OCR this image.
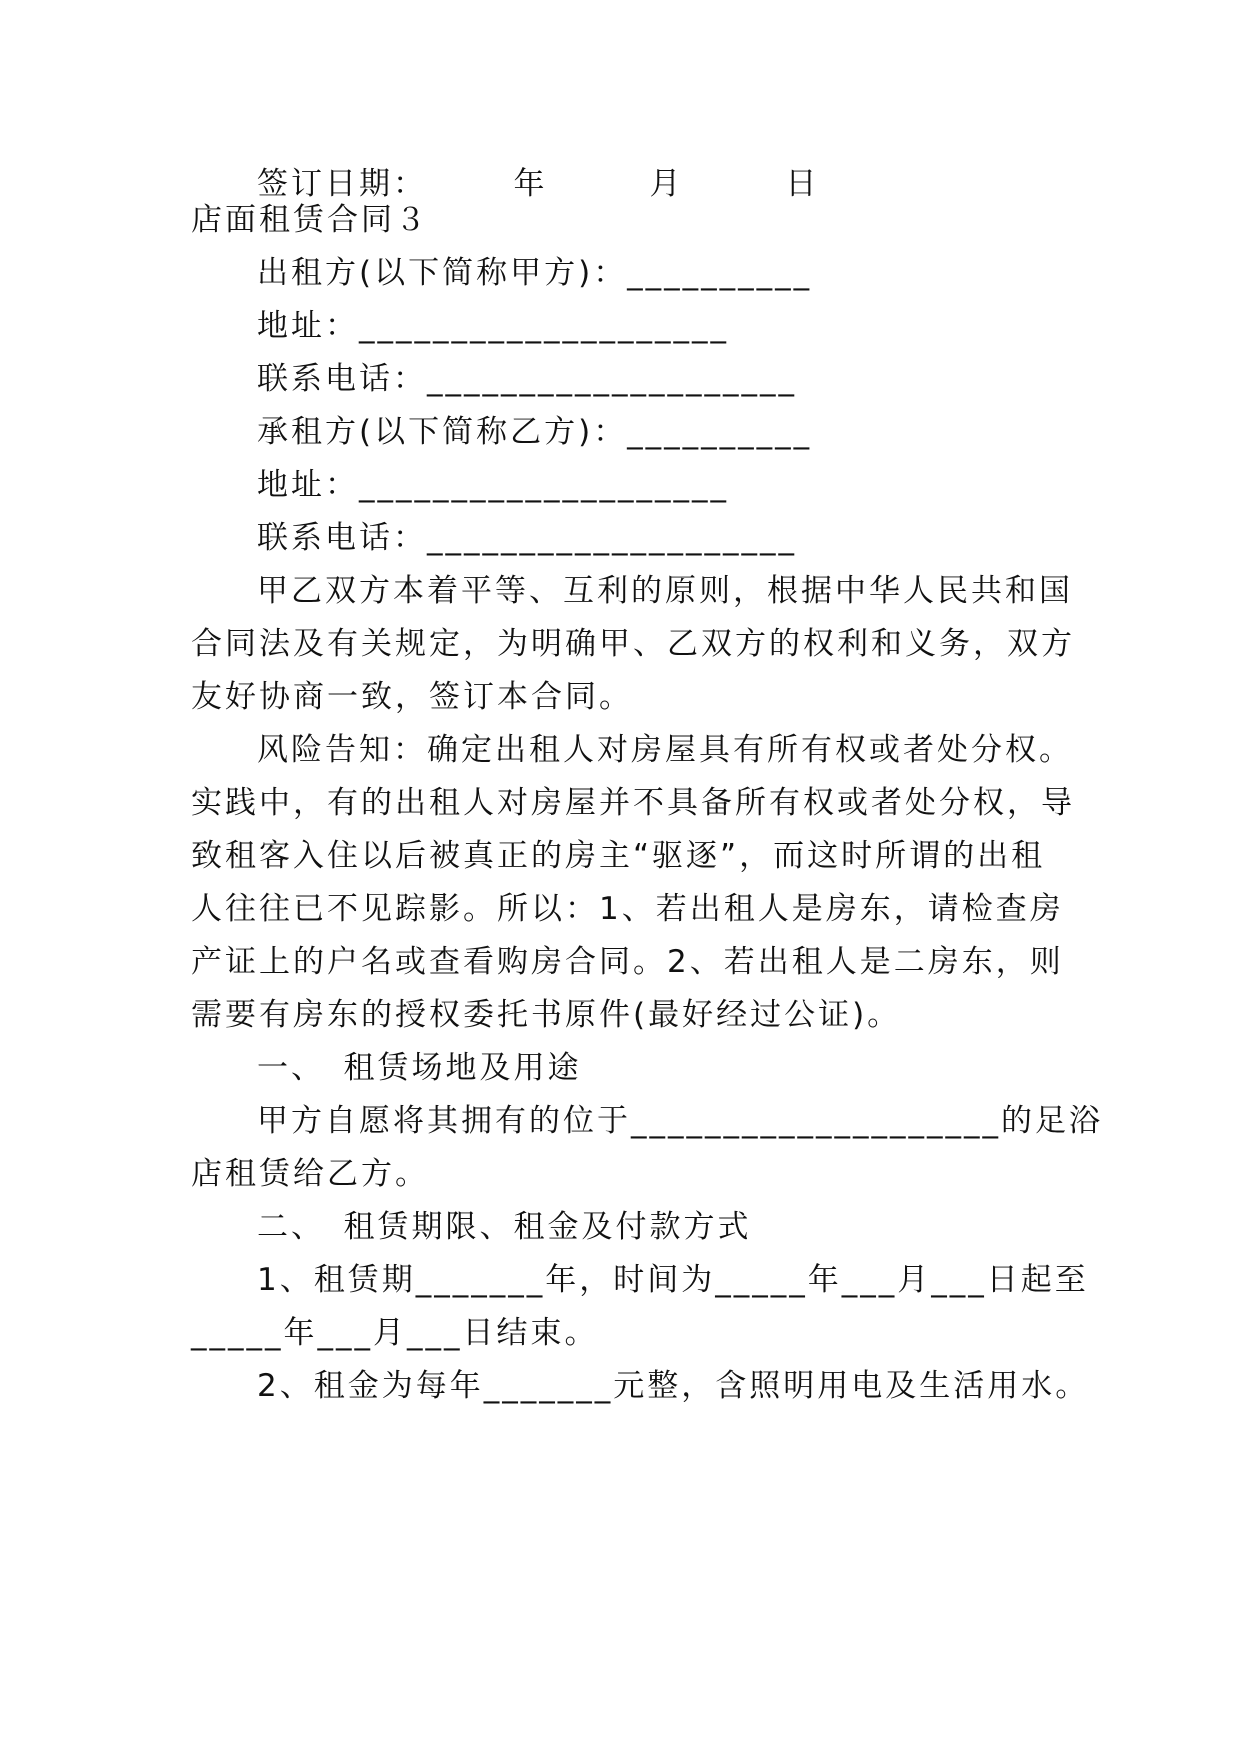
签订日期：　　　年　　　月　　　日
店面租赁合同３
出租方(以下简称甲方)：__________
地址：____________________
联系电话：____________________
承租方(以下简称乙方)：__________
地址：____________________
联系电话：____________________
甲乙双方本着平等、互利的原则，根据中华人民共和国
合同法及有关规定，为明确甲、乙双方的权利和义务，双方
友好协商一致，签订本合同。
风险告知：确定出租人对房屋具有所有权或者处分权。
实践中，有的出租人对房屋并不具备所有权或者处分权，导
致租客入住以后被真正的房主“驱逐”，而这时所谓的出租
人往往已不见踪影。所以：1、若出租人是房东，请检查房
产证上的户名或查看购房合同。2、若出租人是二房东，则
需要有房东的授权委托书原件(最好经过公证)。
一、　租赁场地及用途
甲方自愿将其拥有的位于____________________的足浴
店租赁给乙方。
二、　租赁期限、租金及付款方式
1、租赁期_______年，时间为_____年___月___日起至
_____年___月___日结束。
2、租金为每年_______元整，含照明用电及生活用水。
